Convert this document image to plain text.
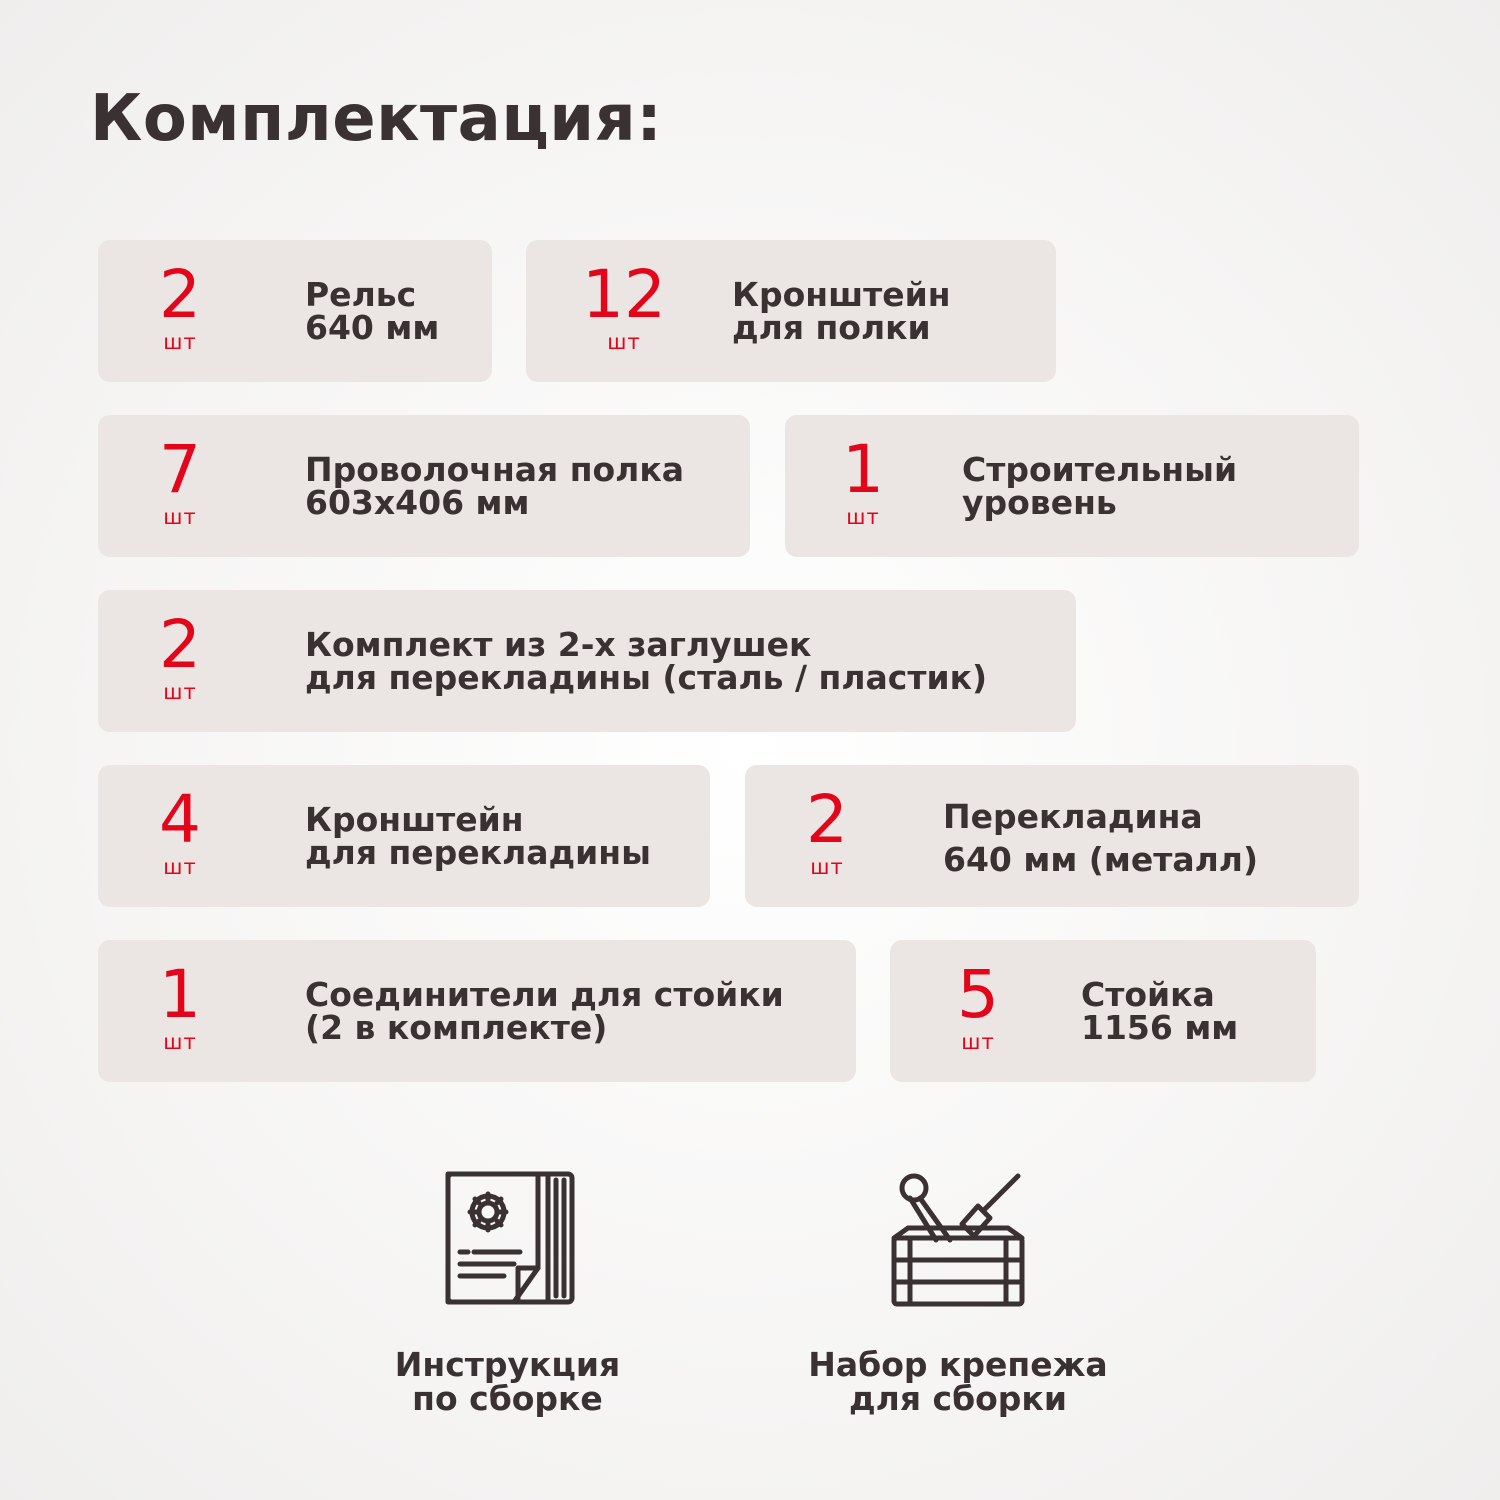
Комплектация:
2
шт
Рельс
640 мм 12
шт
Кронштейн
для полки
7
шт
Проволочная полка
603x406 мм	1
шт
Строительный
уровень
2
шт
Комплект из 2-х заглушек
для перекладины (сталь / пластик)
4
шт
Кронштейн
для перекладины	2
шт
Перекладина
640 мм (металл)
1
шт
Соединители для стойки
(2 в комплекте)	5
шт
Стойка
1156 мм
Инструкция
по сборке
Набор крепежа
для сборки
